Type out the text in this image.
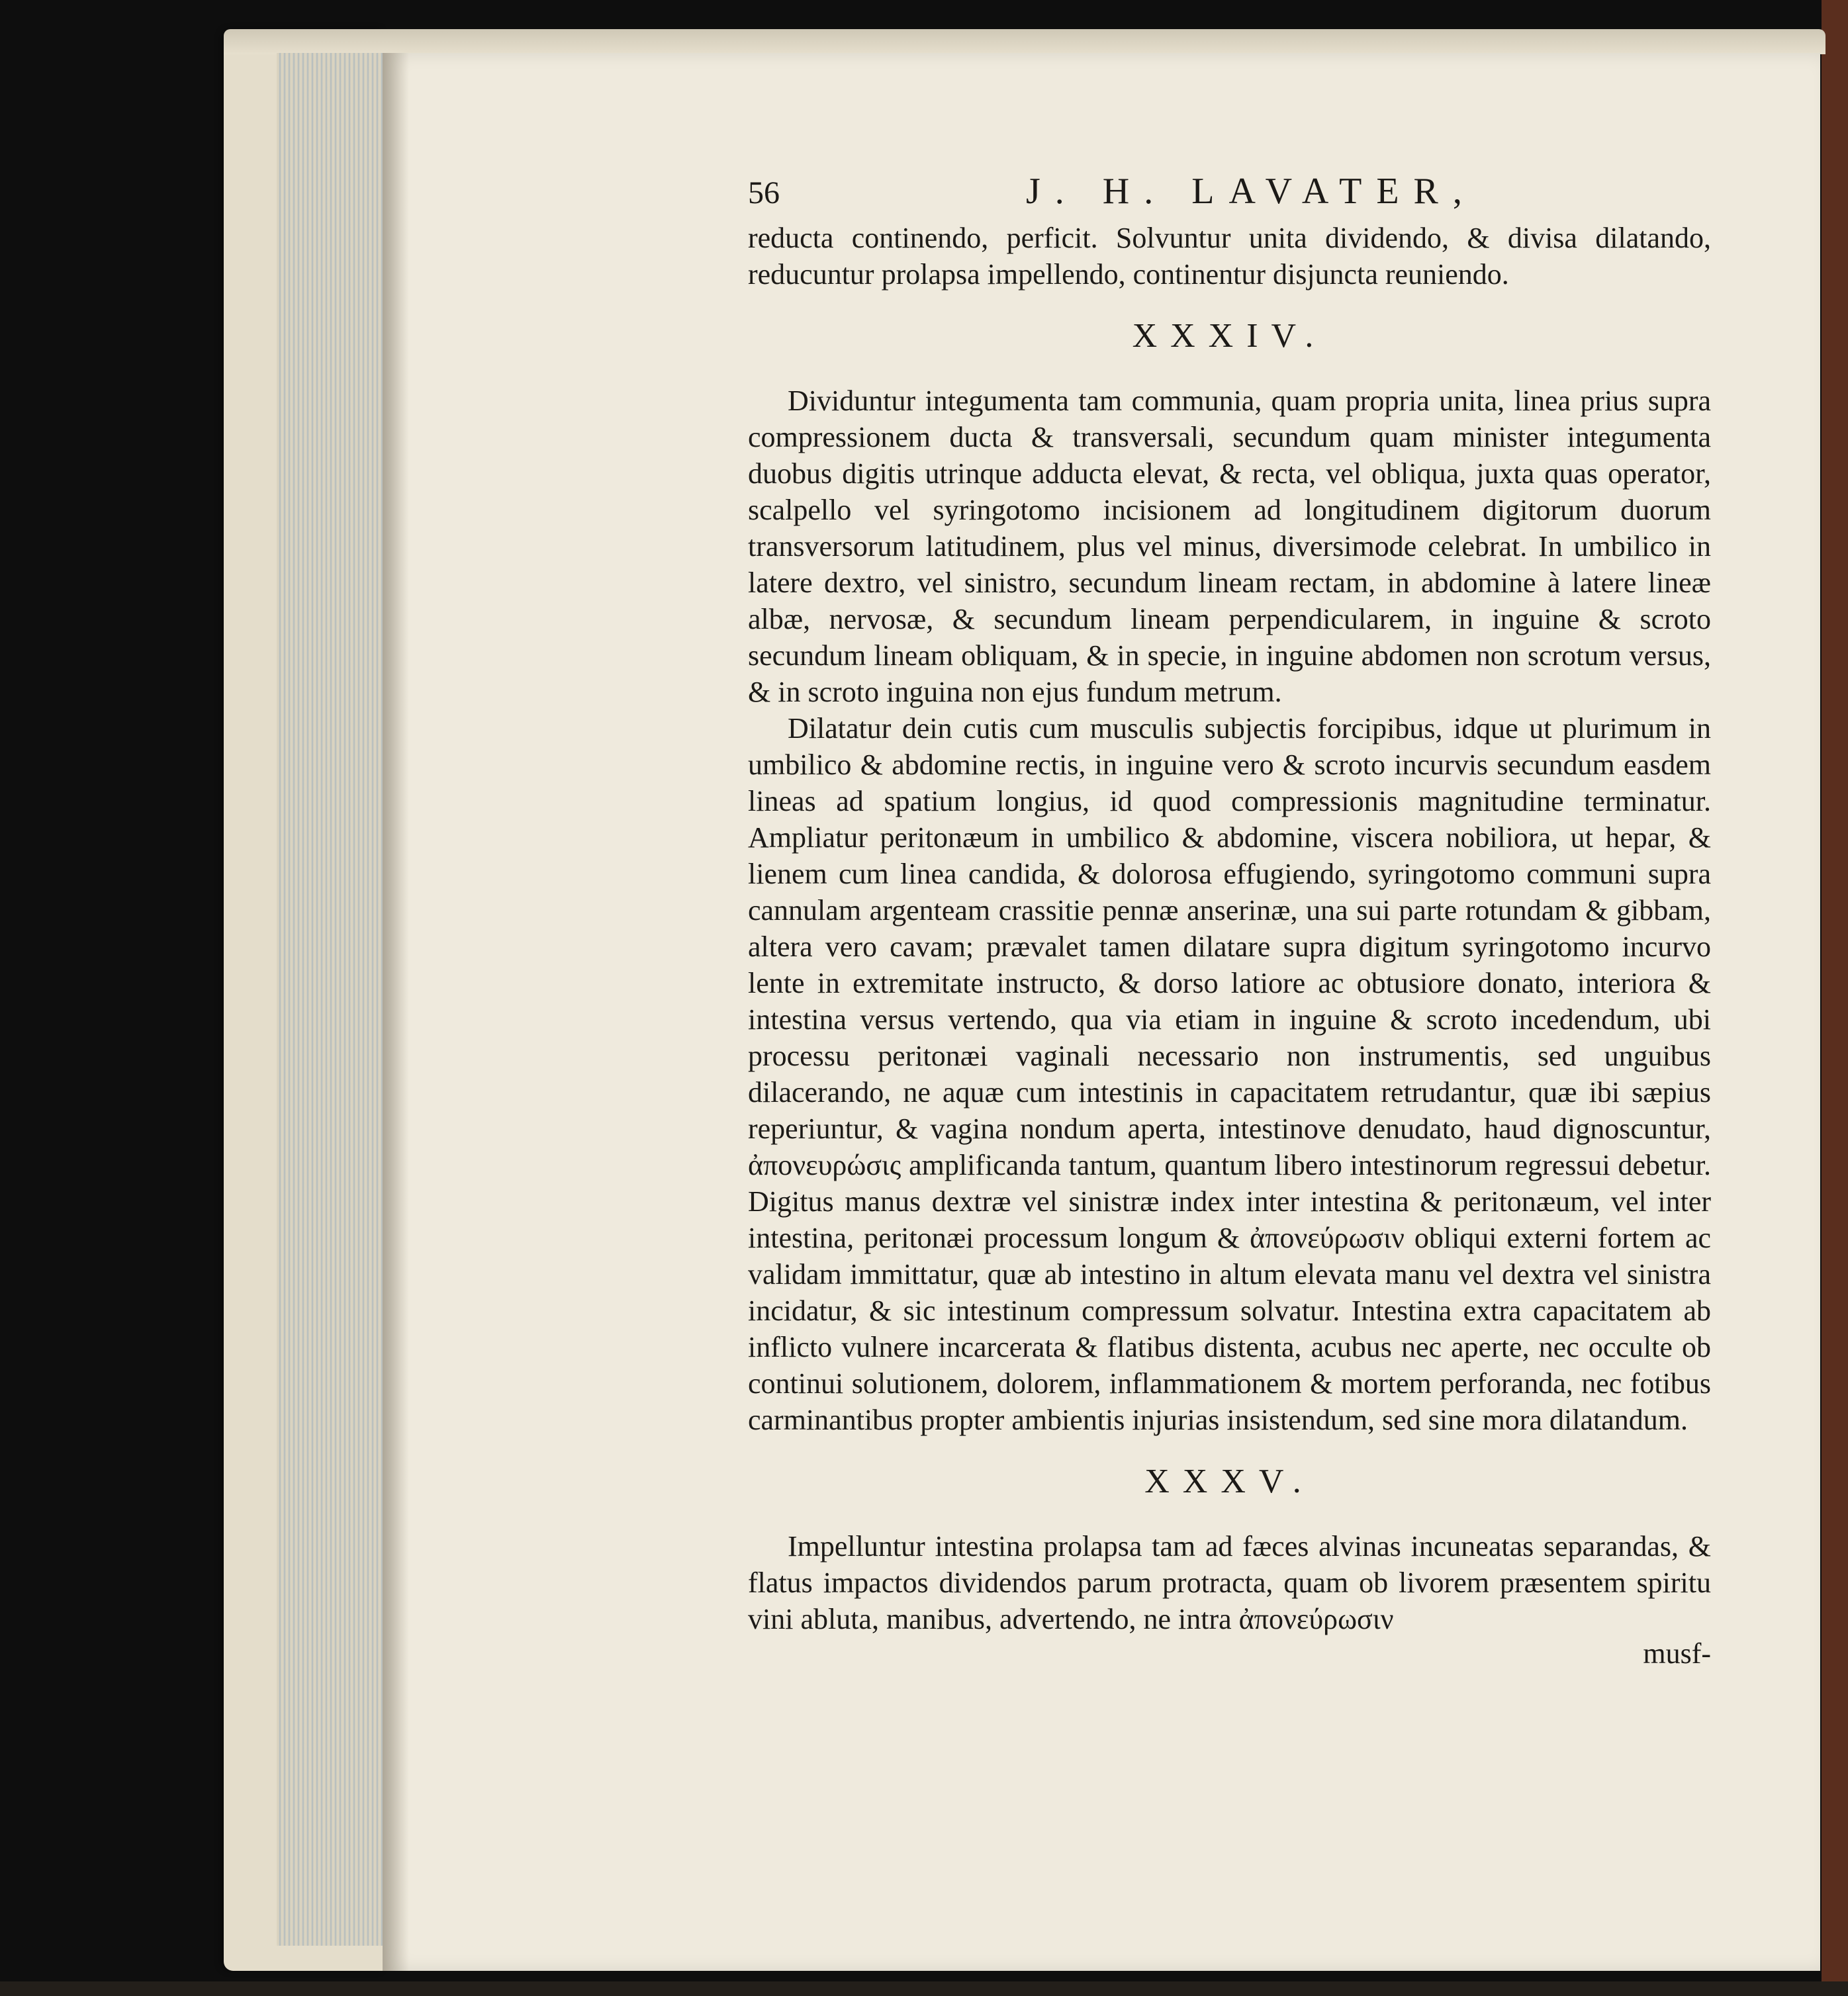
56	J. H. LAVATER,

reducta continendo, perficit. Solvuntur unita dividendo, & divisa dilatando, reducuntur prolapsa impellendo, continentur disjuncta reuniendo.

XXXIV.

Dividuntur integumenta tam communia, quam propria unita, linea prius supra compressionem ducta & transversali, secundum quam minister integumenta duobus digitis utrinque adducta elevat, & recta, vel obliqua, juxta quas operator, scalpello vel syringotomo incisionem ad longitudinem digitorum duorum transversorum latitudinem, plus vel minus, diversimode celebrat. In umbilico in latere dextro, vel sinistro, secundum lineam rectam, in abdomine à latere lineæ albæ, nervosæ, & secundum lineam perpendicularem, in inguine & scroto secundum lineam obliquam, & in specie, in inguine abdomen non scrotum versus, & in scroto inguina non ejus fundum metrum.

Dilatatur dein cutis cum musculis subjectis forcipibus, idque ut plurimum in umbilico & abdomine rectis, in inguine vero & scroto incurvis secundum easdem lineas ad spatium longius, id quod compressionis magnitudine terminatur. Ampliatur peritonæum in umbilico & abdomine, viscera nobiliora, ut hepar, & lienem cum linea candida, & dolorosa effugiendo, syringotomo communi supra cannulam argenteam crassitie pennæ anserinæ, una sui parte rotundam & gibbam, altera vero cavam; prævalet tamen dilatare supra digitum syringotomo incurvo lente in extremitate instructo, & dorso latiore ac obtusiore donato, interiora & intestina versus vertendo, qua via etiam in inguine & scroto incedendum, ubi processu peritonæi vaginali necessario non instrumentis, sed unguibus dilacerando, ne aquæ cum intestinis in capacitatem retrudantur, quæ ibi sæpius reperiuntur, & vagina nondum aperta, intestinove denudato, haud dignoscuntur, ἀπονευρώσις amplificanda tantum, quantum libero intestinorum regressui debetur. Digitus manus dextræ vel sinistræ index inter intestina & peritonæum, vel inter intestina, peritonæi processum longum & ἀπονεύρωσιν obliqui externi fortem ac validam immittatur, quæ ab intestino in altum elevata manu vel dextra vel sinistra incidatur, & sic intestinum compressum solvatur. Intestina extra capacitatem ab inflicto vulnere incarcerata & flatibus distenta, acubus nec aperte, nec occulte ob continui solutionem, dolorem, inflammationem & mortem perforanda, nec fotibus carminantibus propter ambientis injurias insistendum, sed sine mora dilatandum.

XXXV.

Impelluntur intestina prolapsa tam ad fæces alvinas incuneatas separandas, & flatus impactos dividendos parum protracta, quam ob livorem præsentem spiritu vini abluta, manibus, advertendo, ne intra ἀπονεύρωσιν

musf-
